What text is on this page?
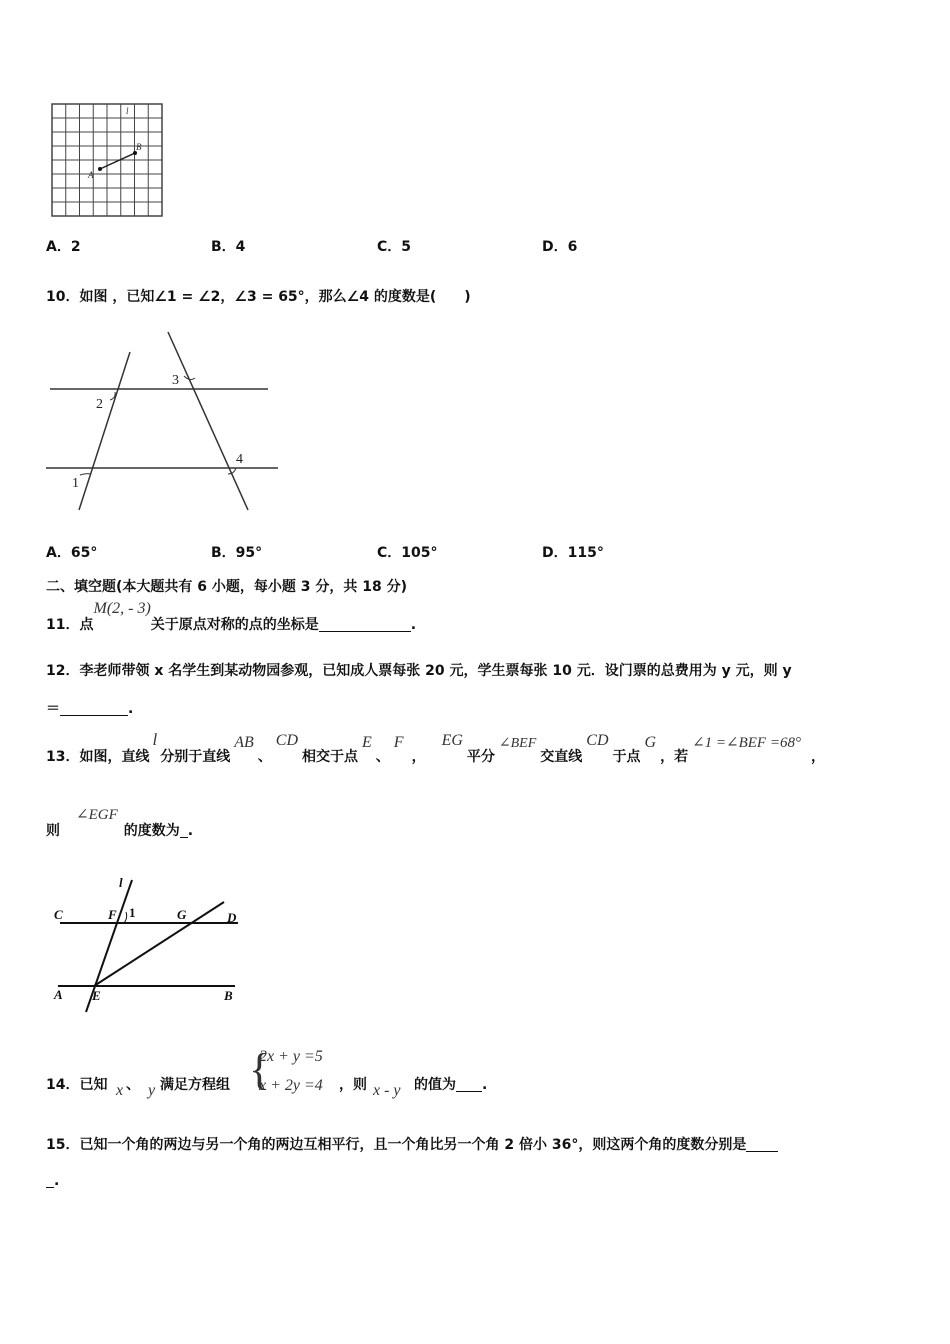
A
B
l
A．2	B．4	C．5	D．6
10．如图 ，已知∠1 = ∠2，∠3 = 65°，那么∠4 的度数是(　　)
2
3
4
1
A．65°	B．95°	C．105°	D．115°
二、填空题(本大题共有 6 小题，每小题 3 分，共 18 分)
11．点M(2, - 3)关于原点对称的点的坐标是	.
12．李老师带领 x 名学生到某动物园参观，已知成人票每张 20 元，学生票每张 10 元．设门票的总费用为 y 元，则 y
＝	.
13．如图，直线l分别于直线AB、CD相交于点E、F，EG平分∠BEF交直线CD于点G，若∠1 =∠BEF =68°，
则∠EGF的度数为 .
l
C	F 1	G	D
A E	B
14．已知 x 、 y 满足方程组 {
2x + y =5
x + 2y =4 ，则 x - y 的值为 .
15．已知一个角的两边与另一个角的两边互相平行，且一个角比另一个角 2 倍小 36°，则这两个角的度数分别是
.
